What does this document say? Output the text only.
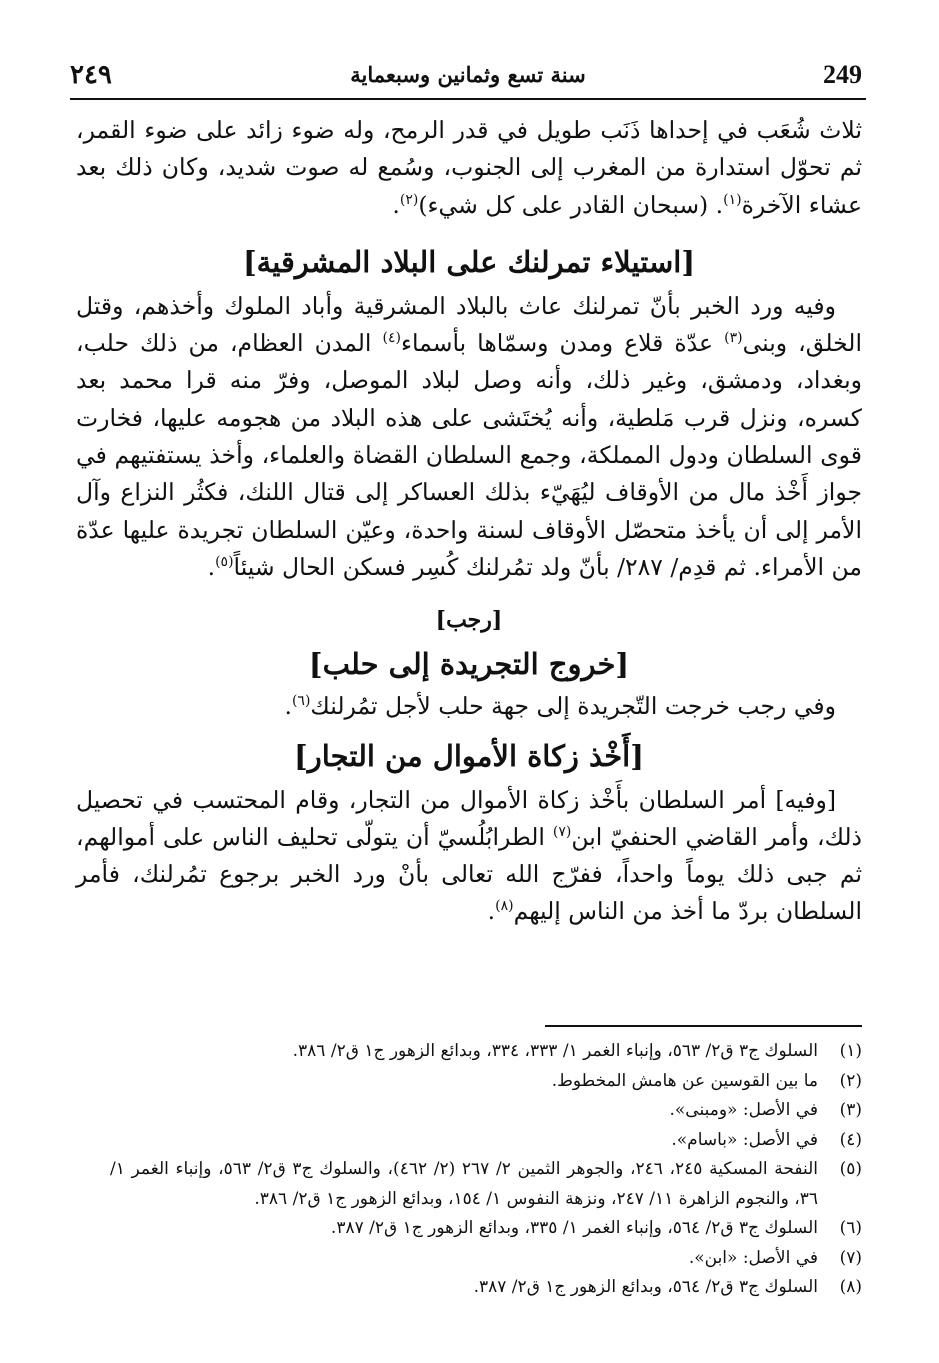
٢٤٩	سنة تسع وثمانين وسبعماية	249

ثلاث شُعَب في إحداها ذَنَب طويل في قدر الرمح، وله ضوء زائد على ضوء القمر، ثم تحوّل استدارة من المغرب إلى الجنوب، وسُمع له صوت شديد، وكان ذلك بعد عشاء الآخرة$^{(١)}$. (سبحان القادر على كل شيء)$^{(٢)}$.

[استيلاء تمرلنك على البلاد المشرقية]

وفيه ورد الخبر بأنّ تمرلنك عاث بالبلاد المشرقية وأباد الملوك وأخذهم، وقتل الخلق، وبنى$^{(٣)}$ عدّة قلاع ومدن وسمّاها بأسماء$^{(٤)}$ المدن العظام، من ذلك حلب، وبغداد، ودمشق، وغير ذلك، وأنه وصل لبلاد الموصل، وفرّ منه قرا محمد بعد كسره، ونزل قرب مَلطية، وأنه يُختَشى على هذه البلاد من هجومه عليها، فخارت قوى السلطان ودول المملكة، وجمع السلطان القضاة والعلماء، وأخذ يستفتيهم في جواز أَخْذ مال من الأوقاف ليُهَيّء بذلك العساكر إلى قتال اللنك، فكثُر النزاع وآل الأمر إلى أن يأخذ متحصّل الأوقاف لسنة واحدة، وعيّن السلطان تجريدة عليها عدّة من الأمراء. ثم قدِم/ ٢٨٧/ بأنّ ولد تمُرلنك كُسِر فسكن الحال شيئاً$^{(٥)}$.

[رجب]
[خروج التجريدة إلى حلب]

وفي رجب خرجت التّجريدة إلى جهة حلب لأجل تمُرلنك$^{(٦)}$.

[أَخْذ زكاة الأموال من التجار]

[وفيه] أمر السلطان بأَخْذ زكاة الأموال من التجار، وقام المحتسب في تحصيل ذلك، وأمر القاضي الحنفيّ ابن$^{(٧)}$ الطرابُلُسيّ أن يتولّى تحليف الناس على أموالهم، ثم جبى ذلك يوماً واحداً، ففرّج الله تعالى بأنْ ورد الخبر برجوع تمُرلنك، فأمر السلطان بردّ ما أخذ من الناس إليهم$^{(٨)}$.

(١)
السلوك ج٣ ق٢/ ٥٦٣، وإنباء الغمر ١/ ٣٣٣، ٣٣٤، وبدائع الزهور ج١ ق٢/ ٣٨٦.
(٢)
ما بين القوسين عن هامش المخطوط.
(٣)
في الأصل: «ومبنى».
(٤)
في الأصل: «باسام».
(٥)
النفحة المسكية ٢٤٥، ٢٤٦، والجوهر الثمين ٢/ ٢٦٧ (٢/ ٤٦٢)، والسلوك ج٣ ق٢/ ٥٦٣، وإنباء الغمر ١/ ٣٦، والنجوم الزاهرة ١١/ ٢٤٧، ونزهة النفوس ١/ ١٥٤، وبدائع الزهور ج١ ق٢/ ٣٨٦.
(٦)
السلوك ج٣ ق٢/ ٥٦٤، وإنباء الغمر ١/ ٣٣٥، وبدائع الزهور ج١ ق٢/ ٣٨٧.
(٧)
في الأصل: «ابن».
(٨)
السلوك ج٣ ق٢/ ٥٦٤، وبدائع الزهور ج١ ق٢/ ٣٨٧.
